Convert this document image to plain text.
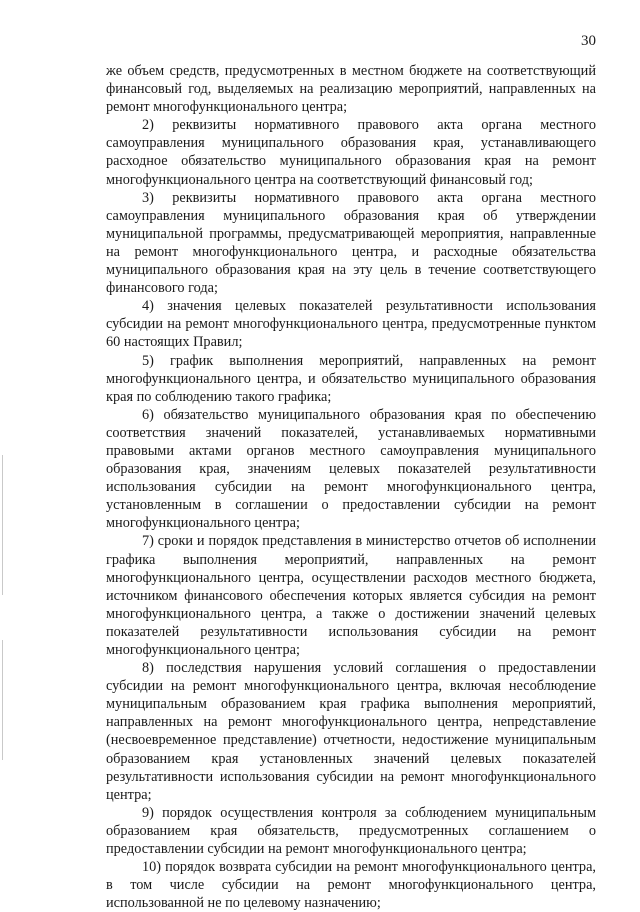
30

же объем средств, предусмотренных в местном бюджете на соответствующий финансовый год, выделяемых на реализацию мероприятий, направленных на ремонт многофункционального центра;

2) реквизиты нормативного правового акта органа местного самоуправления муниципального образования края, устанавливающего расходное обязательство муниципального образования края на ремонт многофункционального центра на соответствующий финансовый год;

3) реквизиты нормативного правового акта органа местного самоуправления муниципального образования края об утверждении муниципальной программы, предусматривающей мероприятия, направленные на ремонт многофункционального центра, и расходные обязательства муниципального образования края на эту цель в течение соответствующего финансового года;

4) значения целевых показателей результативности использования субсидии на ремонт многофункционального центра, предусмотренные пунктом 60 настоящих Правил;

5) график выполнения мероприятий, направленных на ремонт многофункционального центра, и обязательство муниципального образования края по соблюдению такого графика;

6) обязательство муниципального образования края по обеспечению соответствия значений показателей, устанавливаемых нормативными правовыми актами органов местного самоуправления муниципального образования края, значениям целевых показателей результативности использования субсидии на ремонт многофункционального центра, установленным в соглашении о предоставлении субсидии на ремонт многофункционального центра;

7) сроки и порядок представления в министерство отчетов об исполнении графика выполнения мероприятий, направленных на ремонт многофункционального центра, осуществлении расходов местного бюджета, источником финансового обеспечения которых является субсидия на ремонт многофункционального центра, а также о достижении значений целевых показателей результативности использования субсидии на ремонт многофункционального центра;

8) последствия нарушения условий соглашения о предоставлении субсидии на ремонт многофункционального центра, включая несоблюдение муниципальным образованием края графика выполнения мероприятий, направленных на ремонт многофункционального центра, непредставление (несвоевременное представление) отчетности, недостижение муниципальным образованием края установленных значений целевых показателей результативности использования субсидии на ремонт многофункционального центра;

9) порядок осуществления контроля за соблюдением муниципальным образованием края обязательств, предусмотренных соглашением о предоставлении субсидии на ремонт многофункционального центра;

10) порядок возврата субсидии на ремонт многофункционального центра, в том числе субсидии на ремонт многофункционального центра, использованной не по целевому назначению;
